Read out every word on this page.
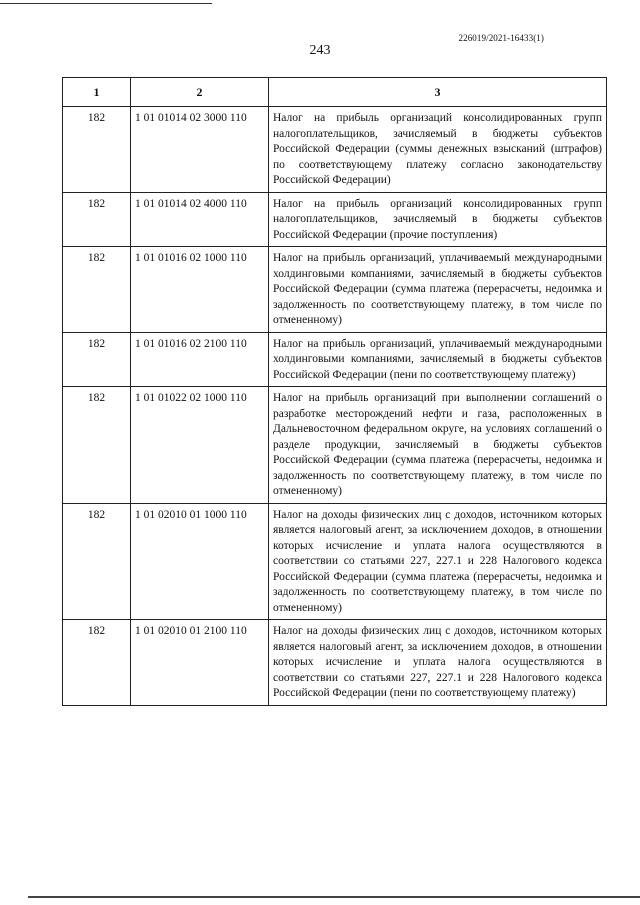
226019/2021-16433(1)
243
1	2	3
182	1 01 01014 02 3000 110	Налог на прибыль организаций консолидированных групп налогоплательщиков, зачисляемый в бюджеты субъектов Российской Федерации (суммы денежных взысканий (штрафов) по соответствующему платежу согласно законодательству Российской Федерации)
182	1 01 01014 02 4000 110	Налог на прибыль организаций консолидированных групп налогоплательщиков, зачисляемый в бюджеты субъектов Российской Федерации (прочие поступления)
182	1 01 01016 02 1000 110	Налог на прибыль организаций, уплачиваемый международными холдинговыми компаниями, зачисляемый в бюджеты субъектов Российской Федерации (сумма платежа (перерасчеты, недоимка и задолженность по соответствующему платежу, в том числе по отмененному)
182	1 01 01016 02 2100 110	Налог на прибыль организаций, уплачиваемый международными холдинговыми компаниями, зачисляемый в бюджеты субъектов Российской Федерации (пени по соответствующему платежу)
182	1 01 01022 02 1000 110	Налог на прибыль организаций при выполнении соглашений о разработке месторождений нефти и газа, расположенных в Дальневосточном федеральном округе, на условиях соглашений о разделе продукции, зачисляемый в бюджеты субъектов Российской Федерации (сумма платежа (перерасчеты, недоимка и задолженность по соответствующему платежу, в том числе по отмененному)
182	1 01 02010 01 1000 110	Налог на доходы физических лиц с доходов, источником которых является налоговый агент, за исключением доходов, в отношении которых исчисление и уплата налога осуществляются в соответствии со статьями 227, 227.1 и 228 Налогового кодекса Российской Федерации (сумма платежа (перерасчеты, недоимка и задолженность по соответствующему платежу, в том числе по отмененному)
182	1 01 02010 01 2100 110	Налог на доходы физических лиц с доходов, источником которых является налоговый агент, за исключением доходов, в отношении которых исчисление и уплата налога осуществляются в соответствии со статьями 227, 227.1 и 228 Налогового кодекса Российской Федерации (пени по соответствующему платежу)
